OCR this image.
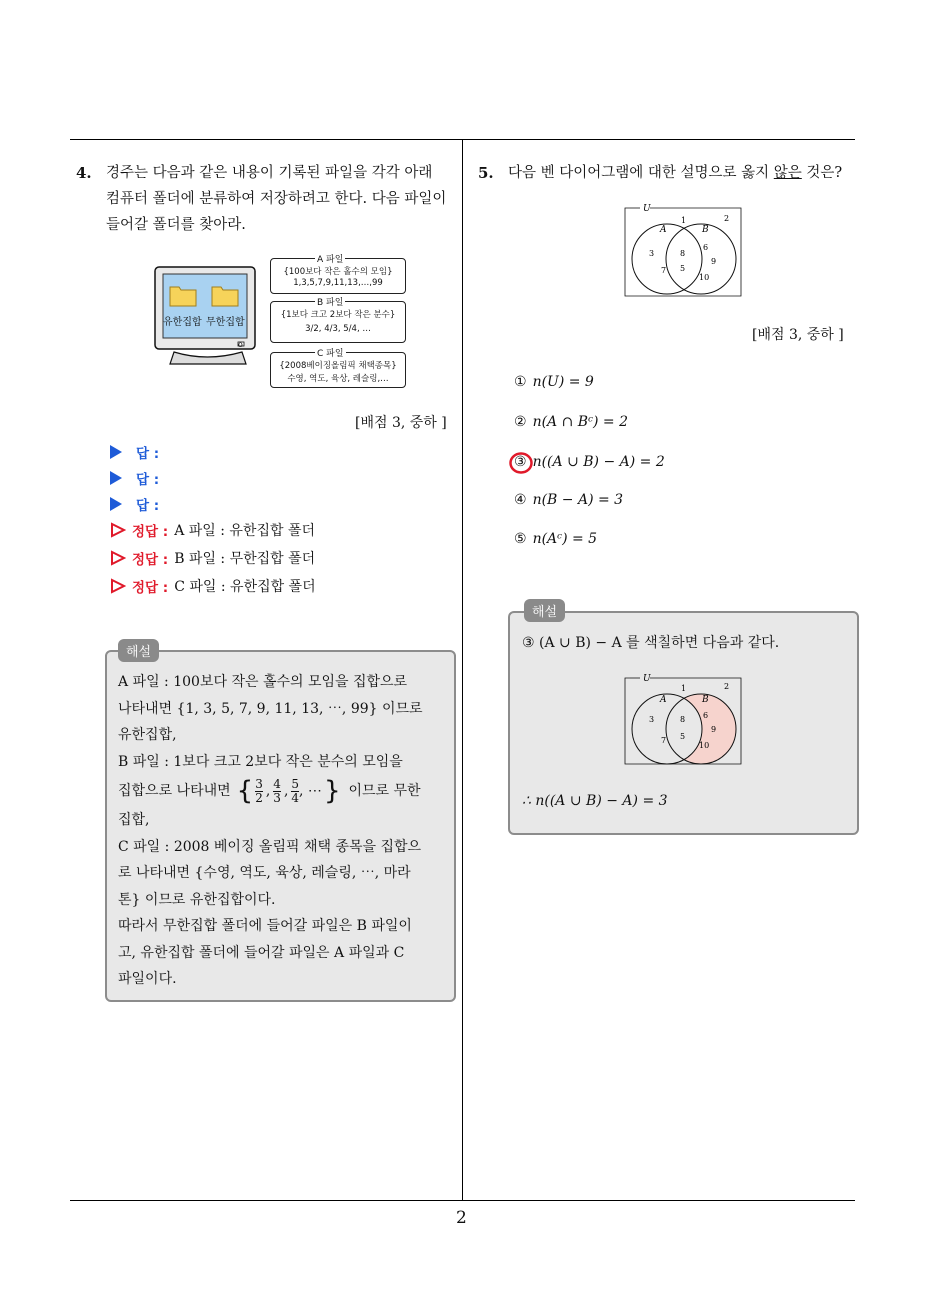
2
4. 경주는 다음과 같은 내용이 기록된 파일을 각각 아래
컴퓨터 폴더에 분류하여 저장하려고 한다. 다음 파일이
들어갈 폴더를 찾아라.
유한집합 무한집합
o
A 파일
{100보다 작은 홀수의 모임}
1,3,5,7,9,11,13,…,99
B 파일
{1보다 크고 2보다 작은 분수}
3/2, 4/3, 5/4, …
C 파일
{2008베이징올림픽 채택종목}
수영, 역도, 육상, 레슬링,…
[배점 3, 중하 ]
답 :
답 :
답 :
정답 : A 파일 : 유한집합 폴더
정답 : B 파일 : 무한집합 폴더
정답 : C 파일 : 유한집합 폴더
해설
A 파일 : 100보다 작은 홀수의 모임을 집합으로
나타내면 {1, 3, 5, 7, 9, 11, 13, ⋯, 99} 이므로
유한집합,
B 파일 : 1보다 크고 2보다 작은 분수의 모임을
집합으로 나타내면 { $\frac{3}{2}$ , $\frac{4}{3}$ , $\frac{5}{4}$ , ⋯ } 이므로 무한
집합,
C 파일 : 2008 베이징 올림픽 채택 종목을 집합으
로 나타내면 {수영, 역도, 육상, 레슬링, ⋯, 마라
톤} 이므로 유한집합이다.
따라서 무한집합 폴더에 들어갈 파일은 B 파일이
고, 유한집합 폴더에 들어갈 파일은 A 파일과 C
파일이다.
5. 다음 벤 다이어그램에 대한 설명으로 옳지 않은 것은?
U
A	B
1	2
3
7
8
5
6
9
10
[배점 3, 중하 ]
① n(U) = 9
② n(A ∩ Bᶜ) = 2
③ n((A ∪ B) − A) = 2
④ n(B − A) = 3
⑤ n(Aᶜ) = 5
해설
③ (A ∪ B) − A 를 색칠하면 다음과 같다.
U
A	B
1	2
3
7
8
5
6
9
10
∴ n((A ∪ B) − A) = 3
